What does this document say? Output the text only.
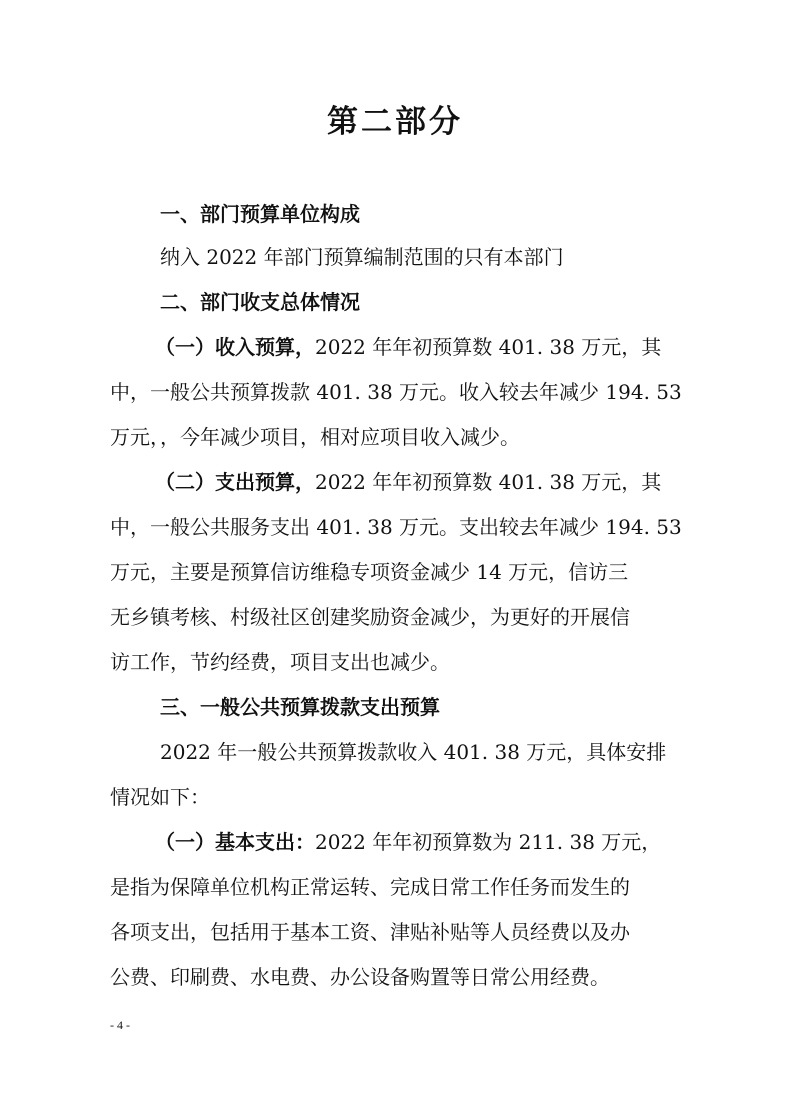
第二部分
一、部门预算单位构成
纳入 2022 年部门预算编制范围的只有本部门
二、部门收支总体情况
（一）收入预算，2022 年年初预算数 401. 38 万元，其
中，一般公共预算拨款 401. 38 万元。收入较去年减少 194. 53
万元，，今年减少项目，相对应项目收入减少。
（二）支出预算，2022 年年初预算数 401. 38 万元，其
中，一般公共服务支出 401. 38 万元。支出较去年减少 194. 53
万元，主要是预算信访维稳专项资金减少 14 万元，信访三
无乡镇考核、村级社区创建奖励资金减少，为更好的开展信
访工作，节约经费，项目支出也减少。
三、一般公共预算拨款支出预算
2022 年一般公共预算拨款收入 401. 38 万元，具体安排
情况如下：
（一）基本支出：2022 年年初预算数为 211. 38 万元，
是指为保障单位机构正常运转、完成日常工作任务而发生的
各项支出，包括用于基本工资、津贴补贴等人员经费以及办
公费、印刷费、水电费、办公设备购置等日常公用经费。
- 4 -
